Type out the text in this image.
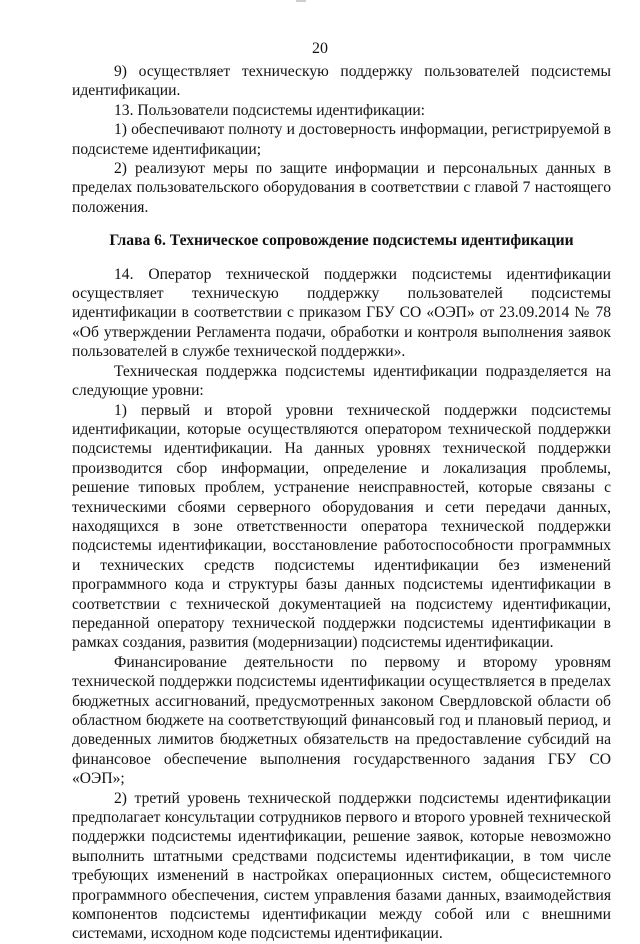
20

9) осуществляет техническую поддержку пользователей подсистемы идентификации.

13. Пользователи подсистемы идентификации:

1) обеспечивают полноту и достоверность информации, регистрируемой в подсистеме идентификации;

2) реализуют меры по защите информации и персональных данных в пределах пользовательского оборудования в соответствии с главой 7 настоящего положения.

Глава 6. Техническое сопровождение подсистемы идентификации

14. Оператор технической поддержки подсистемы идентификации осуществляет техническую поддержку пользователей подсистемы идентификации в соответствии с приказом ГБУ СО «ОЭП» от 23.09.2014 № 78 «Об утверждении Регламента подачи, обработки и контроля выполнения заявок пользователей в службе технической поддержки».

Техническая поддержка подсистемы идентификации подразделяется на следующие уровни:

1) первый и второй уровни технической поддержки подсистемы идентификации, которые осуществляются оператором технической поддержки подсистемы идентификации. На данных уровнях технической поддержки производится сбор информации, определение и локализация проблемы, решение типовых проблем, устранение неисправностей, которые связаны с техническими сбоями серверного оборудования и сети передачи данных, находящихся в зоне ответственности оператора технической поддержки подсистемы идентификации, восстановление работоспособности программных и технических средств подсистемы идентификации без изменений программного кода и структуры базы данных подсистемы идентификации в соответствии с технической документацией на подсистему идентификации, переданной оператору технической поддержки подсистемы идентификации в рамках создания, развития (модернизации) подсистемы идентификации.

Финансирование деятельности по первому и второму уровням технической поддержки подсистемы идентификации осуществляется в пределах бюджетных ассигнований, предусмотренных законом Свердловской области об областном бюджете на соответствующий финансовый год и плановый период, и доведенных лимитов бюджетных обязательств на предоставление субсидий на финансовое обеспечение выполнения государственного задания ГБУ СО «ОЭП»;

2) третий уровень технической поддержки подсистемы идентификации предполагает консультации сотрудников первого и второго уровней технической поддержки подсистемы идентификации, решение заявок, которые невозможно выполнить штатными средствами подсистемы идентификации, в том числе требующих изменений в настройках операционных систем, общесистемного программного обеспечения, систем управления базами данных, взаимодействия компонентов подсистемы идентификации между собой или с внешними системами, исходном коде подсистемы идентификации.
